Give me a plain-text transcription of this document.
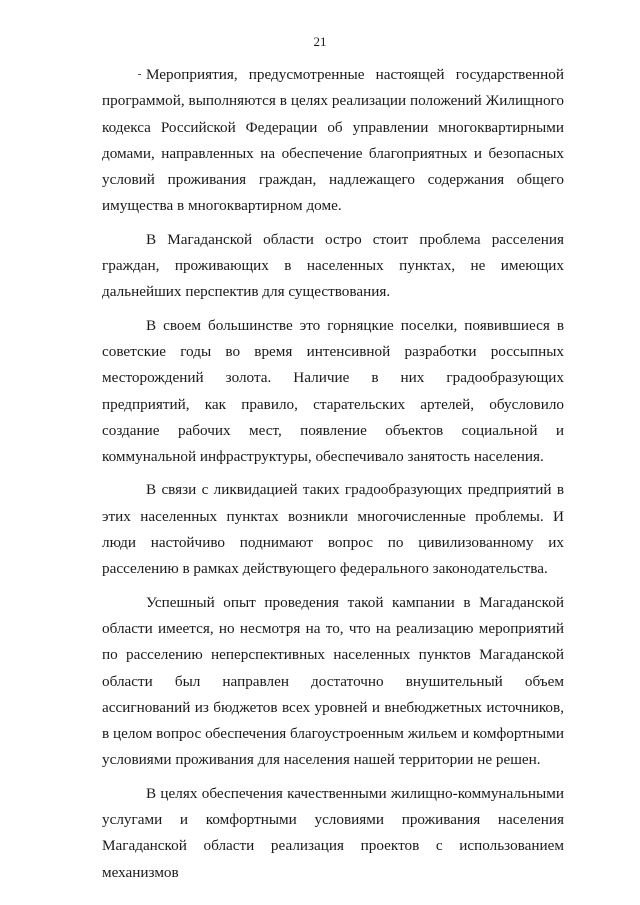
21

Мероприятия, предусмотренные настоящей государственной программой, выполняются в целях реализации положений Жилищного кодекса Российской Федерации об управлении многоквартирными домами, направленных на обеспечение благоприятных и безопасных условий проживания граждан, надлежащего содержания общего имущества в многоквартирном доме.

В Магаданской области остро стоит проблема расселения граждан, проживающих в населенных пунктах, не имеющих дальнейших перспектив для существования.

В своем большинстве это горняцкие поселки, появившиеся в советские годы во время интенсивной разработки россыпных месторождений золота. Наличие в них градообразующих предприятий, как правило, старательских артелей, обусловило создание рабочих мест, появление объектов социальной и коммунальной инфраструктуры, обеспечивало занятость населения.

В связи с ликвидацией таких градообразующих предприятий в этих населенных пунктах возникли многочисленные проблемы. И люди настойчиво поднимают вопрос по цивилизованному их расселению в рамках действующего федерального законодательства.

Успешный опыт проведения такой кампании в Магаданской области имеется, но несмотря на то, что на реализацию мероприятий по расселению неперспективных населенных пунктов Магаданской области был направлен достаточно внушительный объем ассигнований из бюджетов всех уровней и внебюджетных источников, в целом вопрос обеспечения благоустроенным жильем и комфортными условиями проживания для населения нашей территории не решен.

В целях обеспечения качественными жилищно-коммунальными услугами и комфортными условиями проживания населения Магаданской области реализация проектов с использованием механизмов
